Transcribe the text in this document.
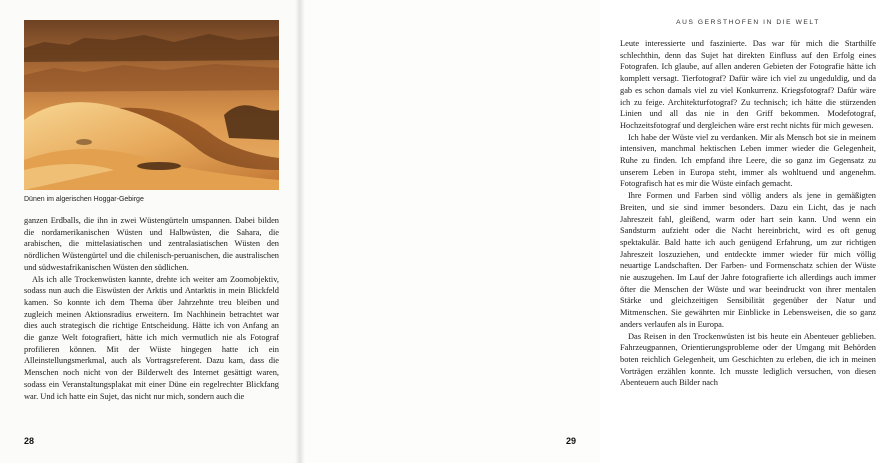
Dünen im algerischen Hoggar-Gebirge

ganzen Erdballs, die ihn in zwei Wüstengürteln umspannen. Dabei bilden die nordamerikanischen Wüsten und Halbwüsten, die Sahara, die arabischen, die mittelasiatischen und zentralasiatischen Wüsten den nördlichen Wüstengürtel und die chilenisch-peruanischen, die australischen und südwestafrikanischen Wüsten den südlichen.

Als ich alle Trockenwüsten kannte, drehte ich weiter am Zoomobjektiv, sodass nun auch die Eiswüsten der Arktis und Antarktis in mein Blickfeld kamen. So konnte ich dem Thema über Jahrzehnte treu bleiben und zugleich meinen Aktionsradius erweitern. Im Nachhinein betrachtet war dies auch strategisch die richtige Entscheidung. Hätte ich von Anfang an die ganze Welt fotografiert, hätte ich mich vermutlich nie als Fotograf profilieren können. Mit der Wüste hingegen hatte ich ein Alleinstellungsmerkmal, auch als Vortragsreferent. Dazu kam, dass die Menschen noch nicht von der Bilderwelt des Internet gesättigt waren, sodass ein Veranstaltungsplakat mit einer Düne ein regelrechter Blickfang war. Und ich hatte ein Sujet, das nicht nur mich, sondern auch die

28
AUS GERSTHOFEN IN DIE WELT

Leute interessierte und faszinierte. Das war für mich die Starthilfe schlechthin, denn das Sujet hat direkten Einfluss auf den Erfolg eines Fotografen. Ich glaube, auf allen anderen Gebieten der Fotografie hätte ich komplett versagt. Tierfotograf? Dafür wäre ich viel zu ungeduldig, und da gab es schon damals viel zu viel Konkurrenz. Kriegsfotograf? Dafür wäre ich zu feige. Architekturfotograf? Zu technisch; ich hätte die stürzenden Linien und all das nie in den Griff bekommen. Modefotograf, Hochzeitsfotograf und dergleichen wäre erst recht nichts für mich gewesen.

Ich habe der Wüste viel zu verdanken. Mir als Mensch bot sie in meinem intensiven, manchmal hektischen Leben immer wieder die Gelegenheit, Ruhe zu finden. Ich empfand ihre Leere, die so ganz im Gegensatz zu unserem Leben in Europa steht, immer als wohltuend und angenehm. Fotografisch hat es mir die Wüste einfach gemacht.

Ihre Formen und Farben sind völlig anders als jene in gemäßigten Breiten, und sie sind immer besonders. Dazu ein Licht, das je nach Jahreszeit fahl, gleißend, warm oder hart sein kann. Und wenn ein Sandsturm aufzieht oder die Nacht hereinbricht, wird es oft genug spektakulär. Bald hatte ich auch genügend Erfahrung, um zur richtigen Jahreszeit loszuziehen, und entdeckte immer wieder für mich völlig neuartige Landschaften. Der Farben- und Formenschatz schien der Wüste nie auszugehen. Im Lauf der Jahre fotografierte ich allerdings auch immer öfter die Menschen der Wüste und war beeindruckt von ihrer mentalen Stärke und gleichzeitigen Sensibilität gegenüber der Natur und Mitmenschen. Sie gewährten mir Einblicke in Lebensweisen, die so ganz anders verlaufen als in Europa.

Das Reisen in den Trockenwüsten ist bis heute ein Abenteuer geblieben. Fahrzeugpannen, Orientierungsprobleme oder der Umgang mit Behörden boten reichlich Gelegenheit, um Geschichten zu erleben, die ich in meinen Vorträgen erzählen konnte. Ich musste lediglich versuchen, von diesen Abenteuern auch Bilder nach

29
